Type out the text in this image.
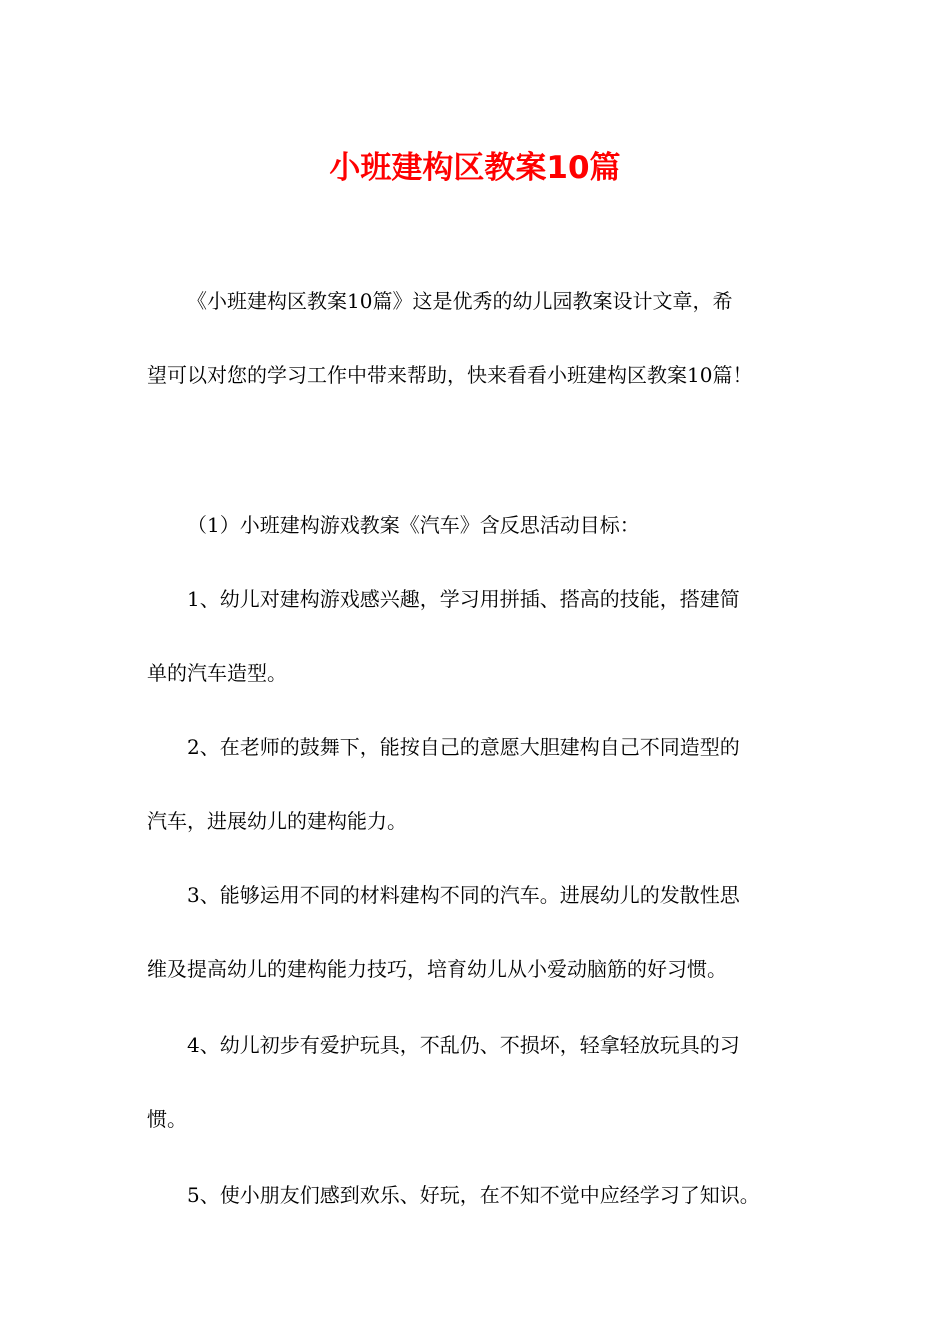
小班建构区教案10篇

《小班建构区教案10篇》这是优秀的幼儿园教案设计文章，希

望可以对您的学习工作中带来帮助，快来看看小班建构区教案10篇！

（1）小班建构游戏教案《汽车》含反思活动目标：

1、幼儿对建构游戏感兴趣，学习用拼插、搭高的技能，搭建简

单的汽车造型。

2、在老师的鼓舞下，能按自己的意愿大胆建构自己不同造型的

汽车，进展幼儿的建构能力。

3、能够运用不同的材料建构不同的汽车。进展幼儿的发散性思

维及提高幼儿的建构能力技巧，培育幼儿从小爱动脑筋的好习惯。

4、幼儿初步有爱护玩具，不乱仍、不损坏，轻拿轻放玩具的习

惯。

5、使小朋友们感到欢乐、好玩，在不知不觉中应经学习了知识。
